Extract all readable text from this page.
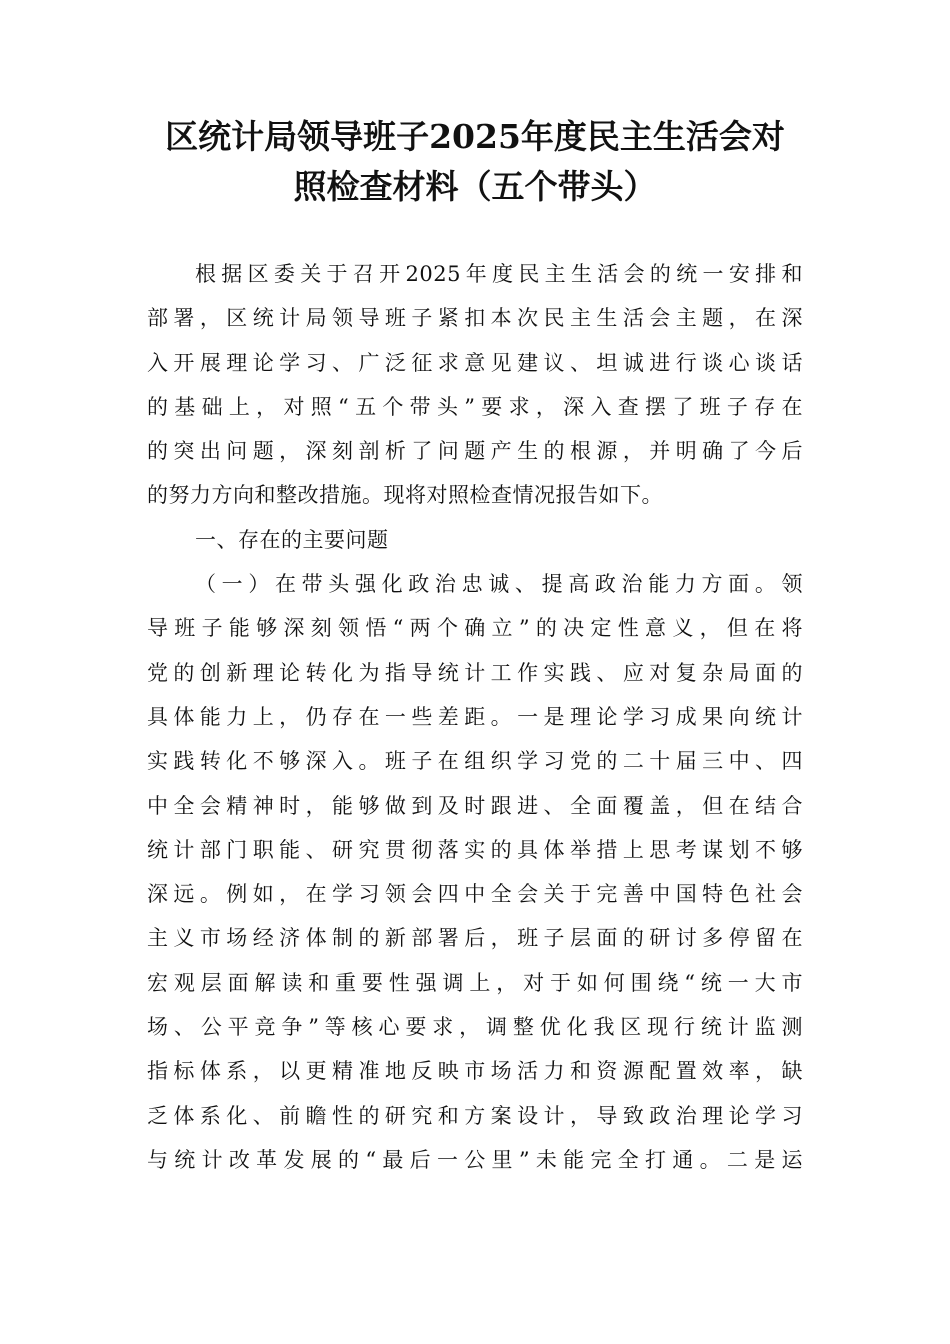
区统计局领导班子2025年度民主生活会对
照检查材料（五个带头）
根据区委关于召开2025年度民主生活会的统一安排和
部署，区统计局领导班子紧扣本次民主生活会主题，在深
入开展理论学习、广泛征求意见建议、坦诚进行谈心谈话
的基础上，对照“五个带头”要求，深入查摆了班子存在
的突出问题，深刻剖析了问题产生的根源，并明确了今后
的努力方向和整改措施。现将对照检查情况报告如下。
一、存在的主要问题
（一）在带头强化政治忠诚、提高政治能力方面。领
导班子能够深刻领悟“两个确立”的决定性意义，但在将
党的创新理论转化为指导统计工作实践、应对复杂局面的
具体能力上，仍存在一些差距。一是理论学习成果向统计
实践转化不够深入。班子在组织学习党的二十届三中、四
中全会精神时，能够做到及时跟进、全面覆盖，但在结合
统计部门职能、研究贯彻落实的具体举措上思考谋划不够
深远。例如，在学习领会四中全会关于完善中国特色社会
主义市场经济体制的新部署后，班子层面的研讨多停留在
宏观层面解读和重要性强调上，对于如何围绕“统一大市
场、公平竞争”等核心要求，调整优化我区现行统计监测
指标体系，以更精准地反映市场活力和资源配置效率，缺
乏体系化、前瞻性的研究和方案设计，导致政治理论学习
与统计改革发展的“最后一公里”未能完全打通。二是运
